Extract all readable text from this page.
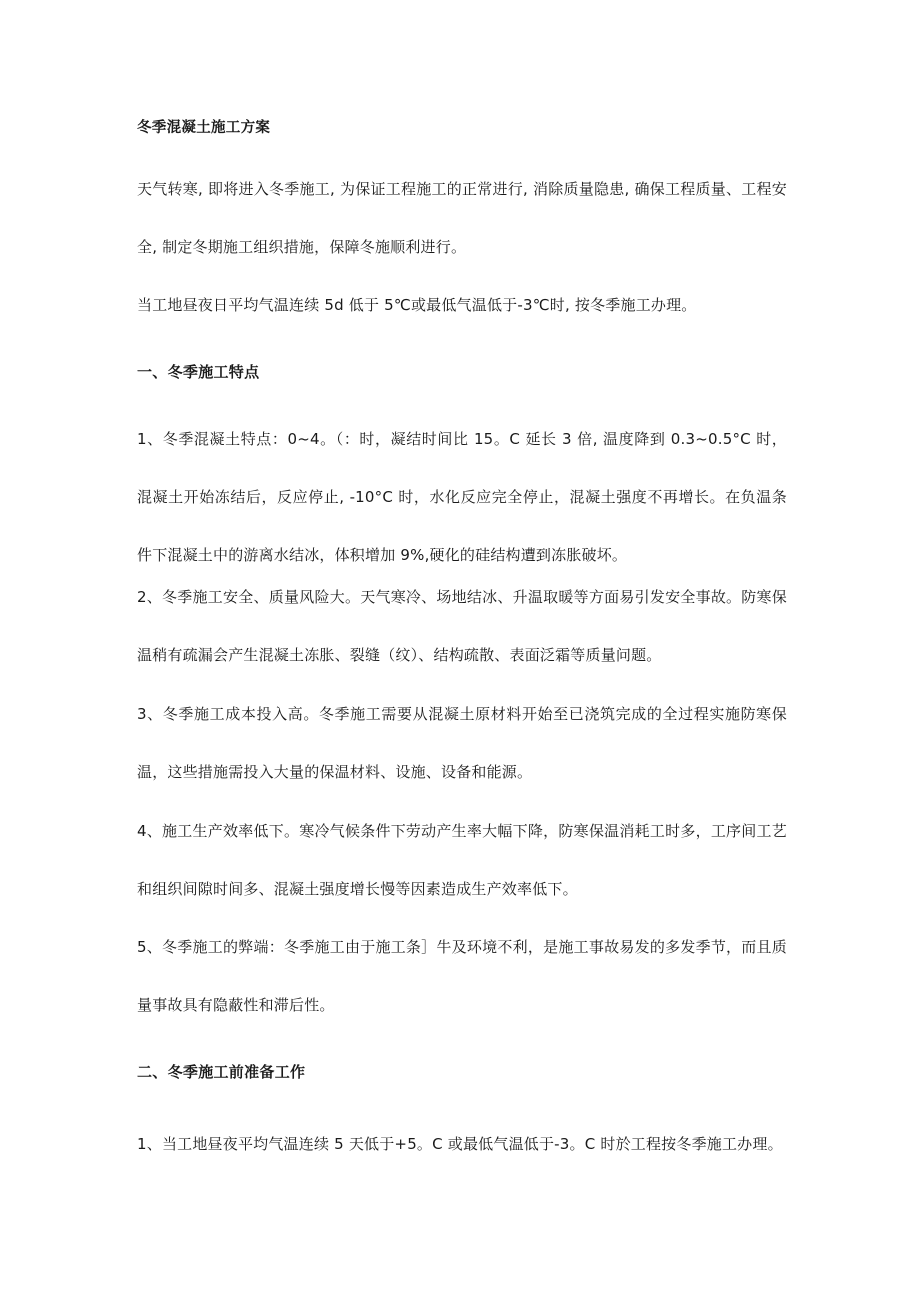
冬季混凝土施工方案

天气转寒, 即将进入冬季施工, 为保证工程施工的正常进行, 消除质量隐患, 确保工程质量、工程安全, 制定冬期施工组织措施，保障冬施顺利进行。

当工地昼夜日平均气温连续 5d 低于 5℃或最低气温低于-3℃时, 按冬季施工办理。

一、冬季施工特点

1、冬季混凝土特点：0~4。（：时，凝结时间比 15。C 延长 3 倍, 温度降到 0.3~0.5°C 时，混凝土开始冻结后，反应停止, -10°C 时，水化反应完全停止，混凝土强度不再增长。在负温条件下混凝土中的游离水结冰，体积增加 9%,硬化的硅结构遭到冻胀破坏。

2、冬季施工安全、质量风险大。天气寒冷、场地结冰、升温取暖等方面易引发安全事故。防寒保温稍有疏漏会产生混凝土冻胀、裂缝（纹）、结构疏散、表面泛霜等质量问题。

3、冬季施工成本投入高。冬季施工需要从混凝土原材料开始至已浇筑完成的全过程实施防寒保温，这些措施需投入大量的保温材料、设施、设备和能源。

4、施工生产效率低下。寒冷气候条件下劳动产生率大幅下降，防寒保温消耗工时多，工序间工艺和组织间隙时间多、混凝土强度增长慢等因素造成生产效率低下。

5、冬季施工的弊端：冬季施工由于施工条］牛及环境不利，是施工事故易发的多发季节，而且质量事故具有隐蔽性和滞后性。

二、冬季施工前准备工作

1、当工地昼夜平均气温连续 5 天低于+5。C 或最低气温低于-3。C 时於工程按冬季施工办理。
